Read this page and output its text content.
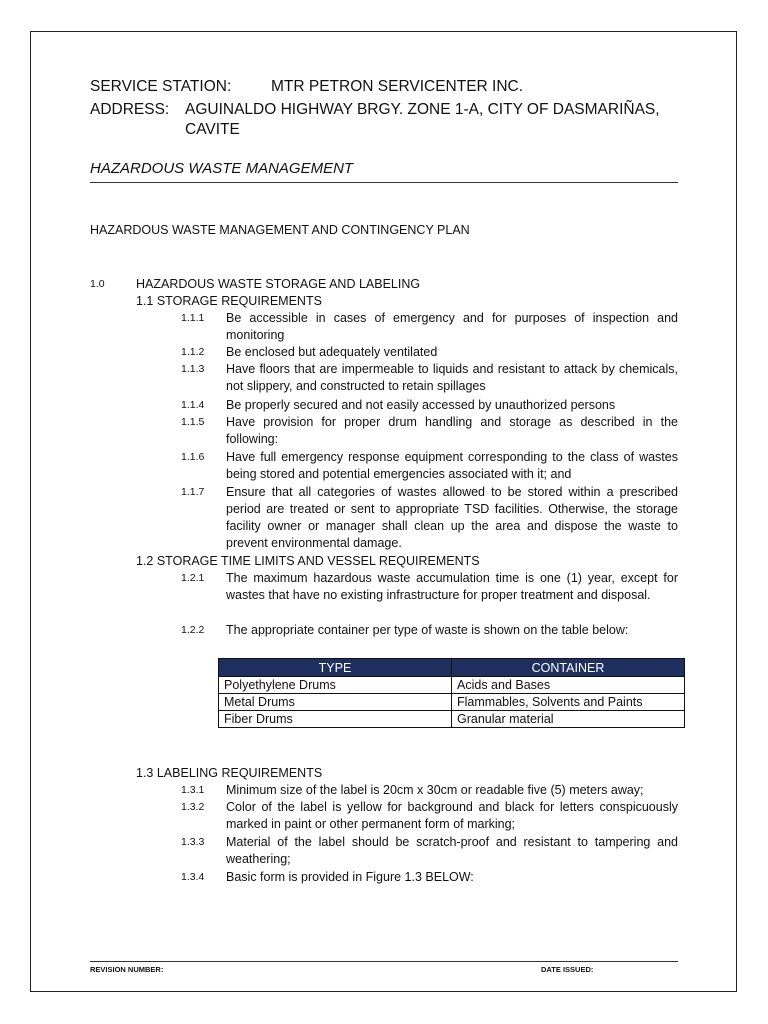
SERVICE STATION:	MTR PETRON SERVICENTER INC.
ADDRESS: AGUINALDO HIGHWAY BRGY. ZONE 1-A, CITY OF DASMARIÑAS,
CAVITE
HAZARDOUS WASTE MANAGEMENT
HAZARDOUS WASTE MANAGEMENT AND CONTINGENCY PLAN
1.0	HAZARDOUS WASTE STORAGE AND LABELING
1.1 STORAGE REQUIREMENTS
1.1.1 Be accessible in cases of emergency and for purposes of inspection and monitoring
1.1.2 Be enclosed but adequately ventilated
1.1.3 Have floors that are impermeable to liquids and resistant to attack by chemicals, not slippery, and constructed to retain spillages
1.1.4 Be properly secured and not easily accessed by unauthorized persons
1.1.5 Have provision for proper drum handling and storage as described in the following:
1.1.6 Have full emergency response equipment corresponding to the class of wastes being stored and potential emergencies associated with it; and
1.1.7 Ensure that all categories of wastes allowed to be stored within a prescribed period are treated or sent to appropriate TSD facilities. Otherwise, the storage facility owner or manager shall clean up the area and dispose the waste to prevent environmental damage.
1.2 STORAGE TIME LIMITS AND VESSEL REQUIREMENTS
1.2.1 The maximum hazardous waste accumulation time is one (1) year, except for wastes that have no existing infrastructure for proper treatment and disposal.
1.2.2 The appropriate container per type of waste is shown on the table below:
TYPE	CONTAINER
Polyethylene Drums	Acids and Bases
Metal Drums	Flammables, Solvents and Paints
Fiber Drums	Granular material
1.3 LABELING REQUIREMENTS
1.3.1 Minimum size of the label is 20cm x 30cm or readable five (5) meters away;
1.3.2 Color of the label is yellow for background and black for letters conspicuously marked in paint or other permanent form of marking;
1.3.3 Material of the label should be scratch-proof and resistant to tampering and weathering;
1.3.4 Basic form is provided in Figure 1.3 BELOW:
REVISION NUMBER:	DATE ISSUED:
